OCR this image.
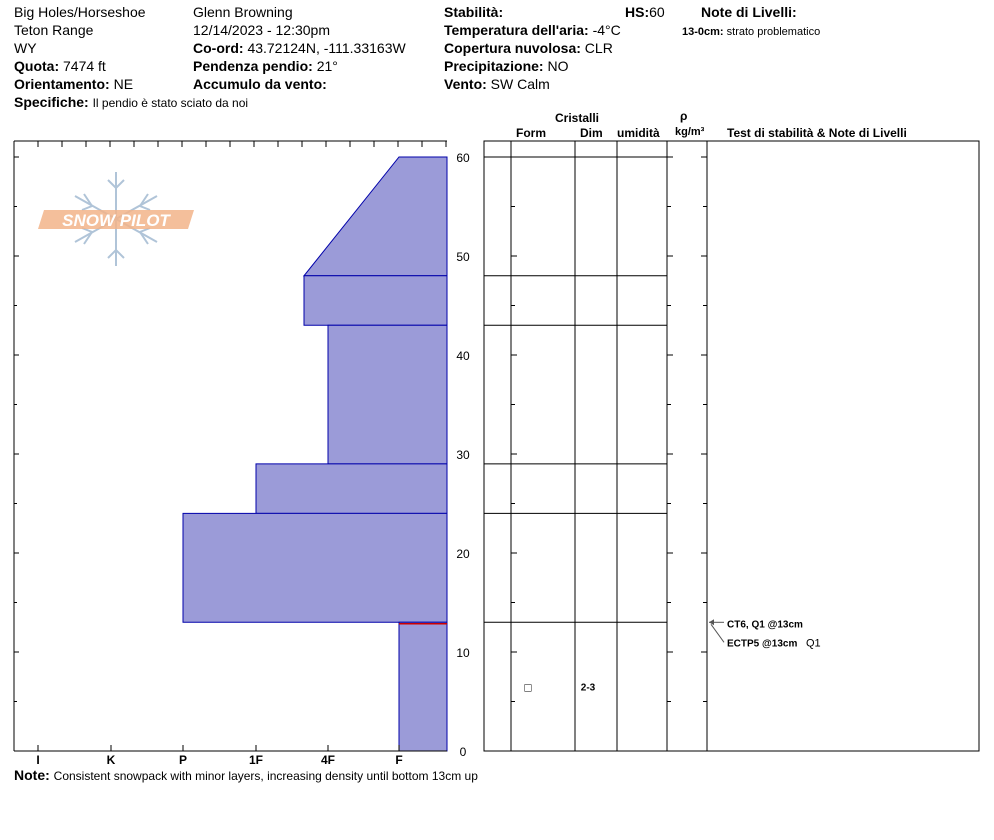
Big Holes/Horseshoe
Teton Range
WY
Quota: 7474 ft
Orientamento: NE
Specifiche: Il pendio è stato sciato da noi
Glenn Browning
12/14/2023 - 12:30pm
Co-ord: 43.72124N, -111.33163W
Pendenza pendio: 21°
Accumulo da vento:
Stabilità:	HS:60
Temperatura dell'aria: -4°C
Copertura nuvolosa: CLR
Precipitazione: NO
Vento: SW Calm
Note di Livelli:
13-0cm: strato problematico
Cristalli
Form	Dim umidità
ρ
kg/m³ Test di stabilità & Note di Livelli
SNOW PILOT
I	K	P	1F	4F	F
0
10
20
30
40
50
60
□	2-3
CT6, Q1 @13cm
ECTP5 @13cm Q1
Note: Consistent snowpack with minor layers, increasing density until bottom 13cm up
